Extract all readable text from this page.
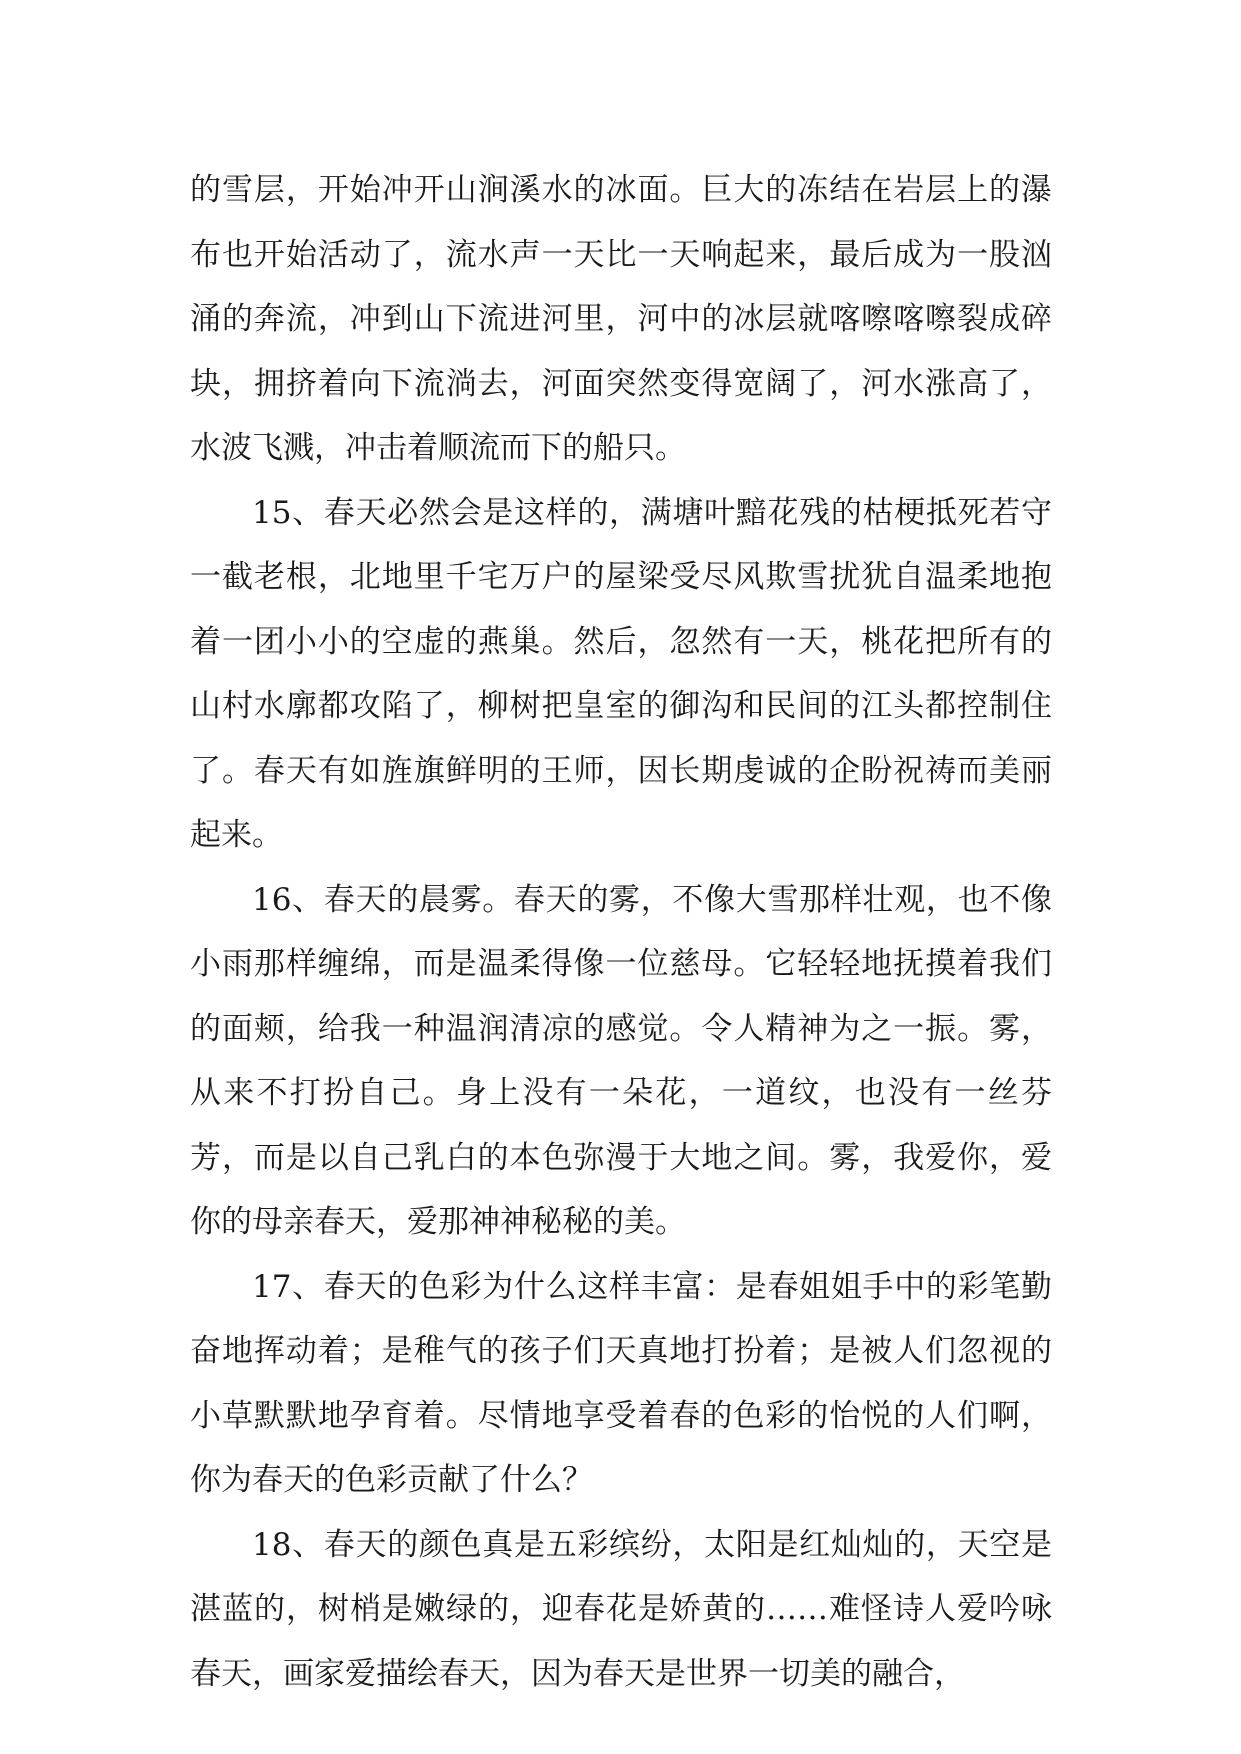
的雪层，开始冲开山涧溪水的冰面。巨大的冻结在岩层上的瀑布也开始活动了，流水声一天比一天响起来，最后成为一股汹涌的奔流，冲到山下流进河里，河中的冰层就喀嚓喀嚓裂成碎块，拥挤着向下流淌去，河面突然变得宽阔了，河水涨高了，水波飞溅，冲击着顺流而下的船只。

15、春天必然会是这样的，满塘叶黯花残的枯梗抵死若守一截老根，北地里千宅万户的屋梁受尽风欺雪扰犹自温柔地抱着一团小小的空虚的燕巢。然后，忽然有一天，桃花把所有的山村水廓都攻陷了，柳树把皇室的御沟和民间的江头都控制住了。春天有如旌旗鲜明的王师，因长期虔诚的企盼祝祷而美丽起来。

16、春天的晨雾。春天的雾，不像大雪那样壮观，也不像小雨那样缠绵，而是温柔得像一位慈母。它轻轻地抚摸着我们的面颊，给我一种温润清凉的感觉。令人精神为之一振。雾，从来不打扮自己。身上没有一朵花，一道纹，也没有一丝芬芳，而是以自己乳白的本色弥漫于大地之间。雾，我爱你，爱你的母亲春天，爱那神神秘秘的美。

17、春天的色彩为什么这样丰富：是春姐姐手中的彩笔勤奋地挥动着；是稚气的孩子们天真地打扮着；是被人们忽视的小草默默地孕育着。尽情地享受着春的色彩的怡悦的人们啊，你为春天的色彩贡献了什么？

18、春天的颜色真是五彩缤纷，太阳是红灿灿的，天空是湛蓝的，树梢是嫩绿的，迎春花是娇黄的……难怪诗人爱吟咏春天，画家爱描绘春天，因为春天是世界一切美的融合，
